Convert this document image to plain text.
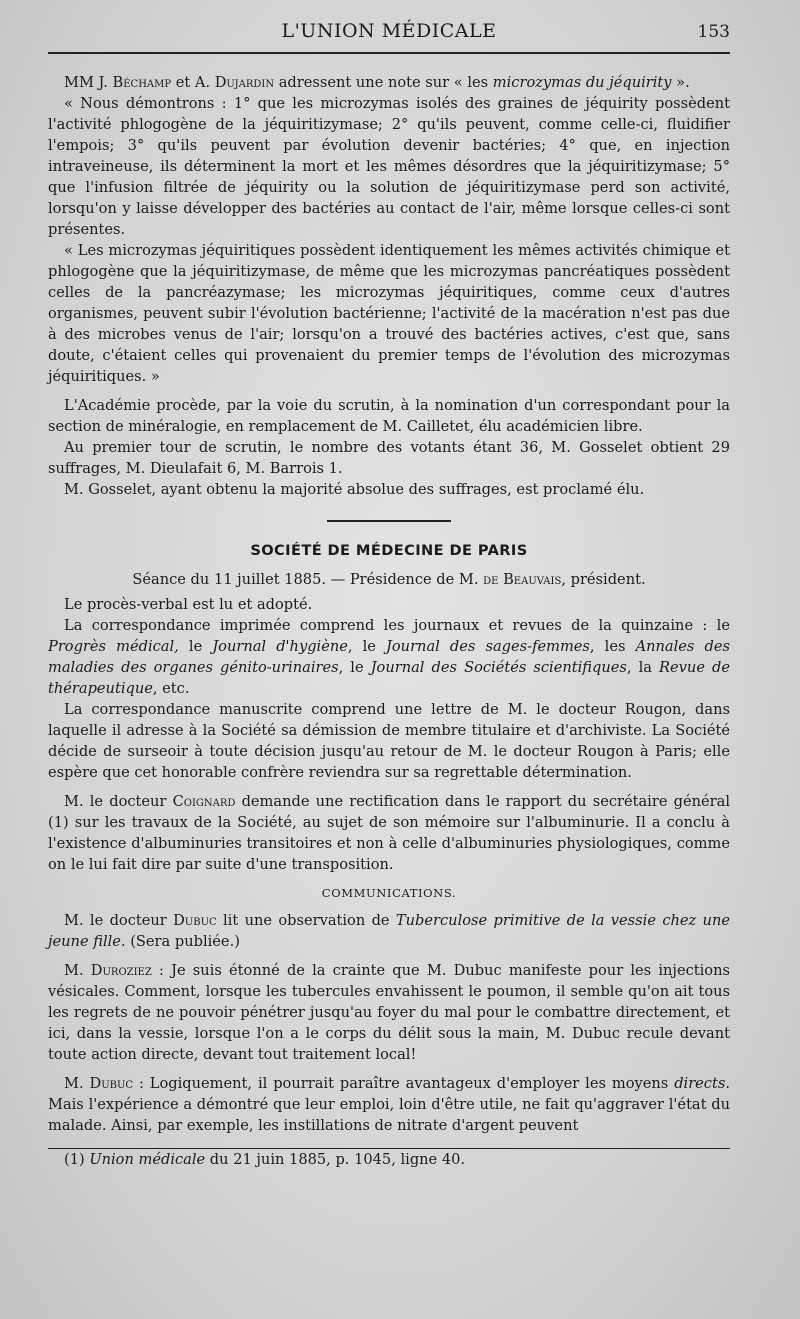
L'UNION MÉDICALE	153

MM J. Béchamp et A. Dujardin adressent une note sur « les microzymas du jéquirity ».

« Nous démontrons : 1° que les microzymas isolés des graines de jéquirity possèdent l'activité phlogogène de la jéquiritizymase; 2° qu'ils peuvent, comme celle-ci, fluidifier l'empois; 3° qu'ils peuvent par évolution devenir bactéries; 4° que, en injection intraveineuse, ils déterminent la mort et les mêmes désordres que la jéquiritizymase; 5° que l'infusion filtrée de jéquirity ou la solution de jéquiritizymase perd son activité, lorsqu'on y laisse développer des bactéries au contact de l'air, même lorsque celles-ci sont présentes.

« Les microzymas jéquiritiques possèdent identiquement les mêmes activités chimique et phlogogène que la jéquiritizymase, de même que les microzymas pancréatiques possèdent celles de la pancréazymase; les microzymas jéquiritiques, comme ceux d'autres organismes, peuvent subir l'évolution bactérienne; l'activité de la macération n'est pas due à des microbes venus de l'air; lorsqu'on a trouvé des bactéries actives, c'est que, sans doute, c'étaient celles qui provenaient du premier temps de l'évolution des microzymas jéquiritiques. »

L'Académie procède, par la voie du scrutin, à la nomination d'un correspondant pour la section de minéralogie, en remplacement de M. Cailletet, élu académicien libre.

Au premier tour de scrutin, le nombre des votants étant 36, M. Gosselet obtient 29 suffrages, M. Dieulafait 6, M. Barrois 1.

M. Gosselet, ayant obtenu la majorité absolue des suffrages, est proclamé élu.

SOCIÉTÉ DE MÉDECINE DE PARIS

Séance du 11 juillet 1885. — Présidence de M. de Beauvais, président.

Le procès-verbal est lu et adopté.

La correspondance imprimée comprend les journaux et revues de la quinzaine : le Progrès médical, le Journal d'hygiène, le Journal des sages-femmes, les Annales des maladies des organes génito-urinaires, le Journal des Sociétés scientifiques, la Revue de thérapeutique, etc.

La correspondance manuscrite comprend une lettre de M. le docteur Rougon, dans laquelle il adresse à la Société sa démission de membre titulaire et d'archiviste. La Société décide de surseoir à toute décision jusqu'au retour de M. le docteur Rougon à Paris; elle espère que cet honorable confrère reviendra sur sa regrettable détermination.

M. le docteur Coignard demande une rectification dans le rapport du secrétaire général (1) sur les travaux de la Société, au sujet de son mémoire sur l'albuminurie. Il a conclu à l'existence d'albuminuries transitoires et non à celle d'albuminuries physiologiques, comme on le lui fait dire par suite d'une transposition.

COMMUNICATIONS.

M. le docteur Dubuc lit une observation de Tuberculose primitive de la vessie chez une jeune fille. (Sera publiée.)

M. Duroziez : Je suis étonné de la crainte que M. Dubuc manifeste pour les injections vésicales. Comment, lorsque les tubercules envahissent le poumon, il semble qu'on ait tous les regrets de ne pouvoir pénétrer jusqu'au foyer du mal pour le combattre directement, et ici, dans la vessie, lorsque l'on a le corps du délit sous la main, M. Dubuc recule devant toute action directe, devant tout traitement local!

M. Dubuc : Logiquement, il pourrait paraître avantageux d'employer les moyens directs. Mais l'expérience a démontré que leur emploi, loin d'être utile, ne fait qu'aggraver l'état du malade. Ainsi, par exemple, les instillations de nitrate d'argent peuvent

(1) Union médicale du 21 juin 1885, p. 1045, ligne 40.
